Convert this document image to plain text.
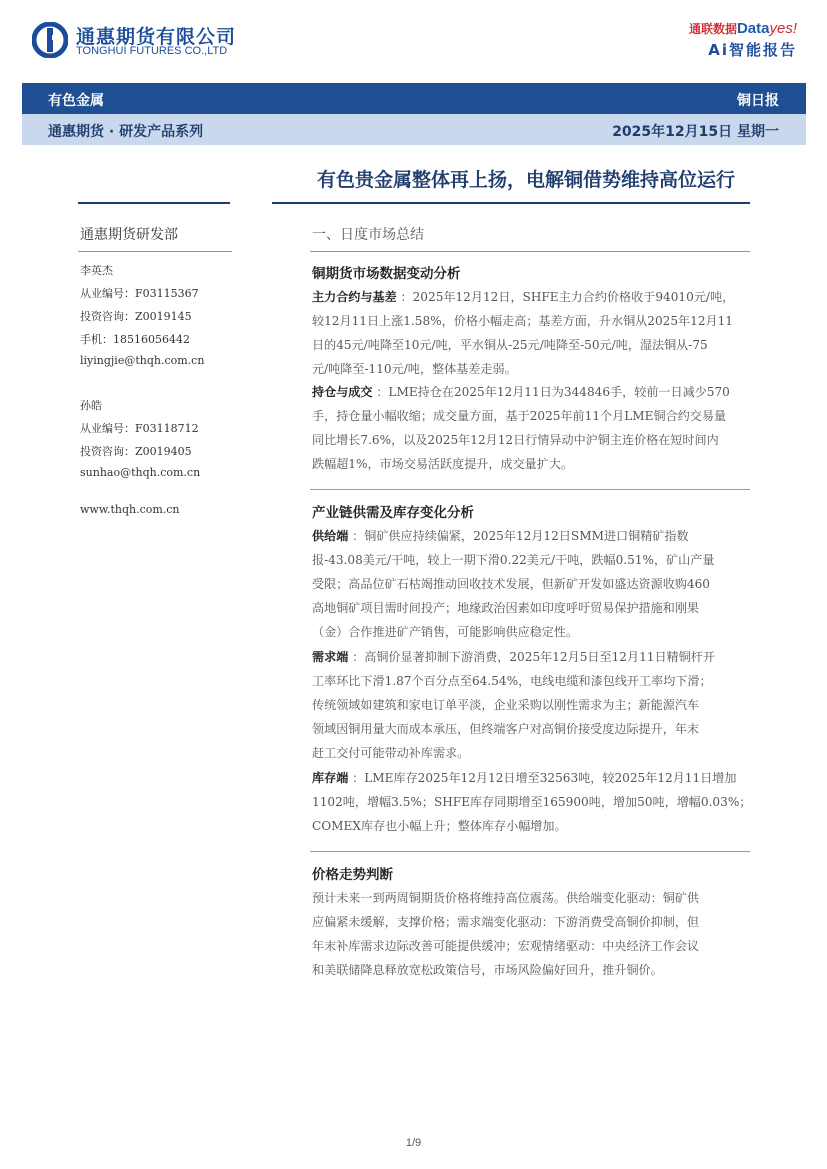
通惠期货有限公司
TONGHUI FUTURES CO.,LTD
通联数据Datayes!
Ai智能报告
有色金属	铜日报
通惠期货 · 研发产品系列	2025年12月15日 星期一
有色贵金属整体再上扬，电解铜借势维持高位运行
通惠期货研发部
李英杰
从业编号：F03115367
投资咨询：Z0019145
手机：18516056442
liyingjie@thqh.com.cn
孙皓
从业编号：F03118712
投资咨询：Z0019405
sunhao@thqh.com.cn
www.thqh.com.cn
一、日度市场总结
铜期货市场数据变动分析
主力合约与基差 ：2025年12月12日，SHFE主力合约价格收于94010元/吨，
较12月11日上涨1.58%，价格小幅走高；基差方面，升水铜从2025年12月11
日的45元/吨降至10元/吨，平水铜从-25元/吨降至-50元/吨，湿法铜从-75
元/吨降至-110元/吨，整体基差走弱。
持仓与成交 ：LME持仓在2025年12月11日为344846手，较前一日减少570
手，持仓量小幅收缩；成交量方面，基于2025年前11个月LME铜合约交易量
同比增长7.6%，以及2025年12月12日行情异动中沪铜主连价格在短时间内
跌幅超1%，市场交易活跃度提升，成交量扩大。
产业链供需及库存变化分析
供给端 ：铜矿供应持续偏紧，2025年12月12日SMM进口铜精矿指数
报-43.08美元/干吨，较上一期下滑0.22美元/干吨，跌幅0.51%，矿山产量
受限；高品位矿石枯竭推动回收技术发展，但新矿开发如盛达资源收购460
高地铜矿项目需时间投产；地缘政治因素如印度呼吁贸易保护措施和刚果
（金）合作推进矿产销售，可能影响供应稳定性。
需求端 ：高铜价显著抑制下游消费，2025年12月5日至12月11日精铜杆开
工率环比下滑1.87个百分点至64.54%，电线电缆和漆包线开工率均下滑；
传统领域如建筑和家电订单平淡，企业采购以刚性需求为主；新能源汽车
领域因铜用量大而成本承压，但终端客户对高铜价接受度边际提升，年末
赶工交付可能带动补库需求。
库存端 ：LME库存2025年12月12日增至32563吨，较2025年12月11日增加
1102吨，增幅3.5%；SHFE库存同期增至165900吨，增加50吨，增幅0.03%；
COMEX库存也小幅上升；整体库存小幅增加。
价格走势判断
预计未来一到两周铜期货价格将维持高位震荡。供给端变化驱动：铜矿供
应偏紧未缓解，支撑价格；需求端变化驱动：下游消费受高铜价抑制，但
年末补库需求边际改善可能提供缓冲；宏观情绪驱动：中央经济工作会议
和美联储降息释放宽松政策信号，市场风险偏好回升，推升铜价。
1/9
